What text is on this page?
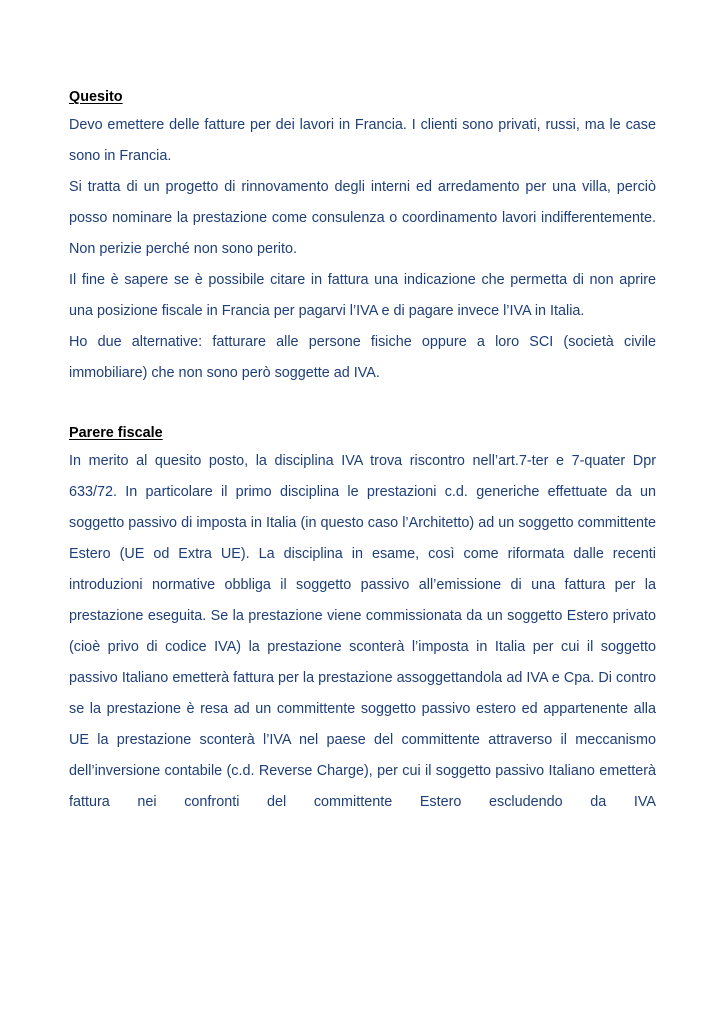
Quesito

Devo emettere delle fatture per dei lavori in Francia. I clienti sono privati, russi, ma le case sono in Francia.

Si tratta di un progetto di rinnovamento degli interni ed arredamento per una villa, perciò posso nominare la prestazione come consulenza o coordinamento lavori indifferentemente. Non perizie perché non sono perito.

Il fine è sapere se è possibile citare in fattura una indicazione che permetta di non aprire una posizione fiscale in Francia per pagarvi l’IVA e di pagare invece l’IVA in Italia.

Ho due alternative: fatturare alle persone fisiche oppure a loro SCI (società civile immobiliare) che non sono però soggette ad IVA.

Parere fiscale

In merito al quesito posto, la disciplina IVA trova riscontro nell’art.7-ter e 7-quater Dpr 633/72. In particolare il primo disciplina le prestazioni c.d. generiche effettuate da un soggetto passivo di imposta in Italia (in questo caso l’Architetto) ad un soggetto committente Estero (UE od Extra UE). La disciplina in esame, così come riformata dalle recenti introduzioni normative obbliga il soggetto passivo all’emissione di una fattura per la prestazione eseguita. Se la prestazione viene commissionata da un soggetto Estero privato (cioè privo di codice IVA) la prestazione sconterà l’imposta in Italia per cui il soggetto passivo Italiano emetterà fattura per la prestazione assoggettandola ad IVA e Cpa. Di contro se la prestazione è resa ad un committente soggetto passivo estero ed appartenente alla UE la prestazione sconterà l’IVA nel paese del committente attraverso il meccanismo dell’inversione contabile (c.d. Reverse Charge), per cui il soggetto passivo Italiano emetterà fattura nei confronti del committente Estero escludendo da IVA
